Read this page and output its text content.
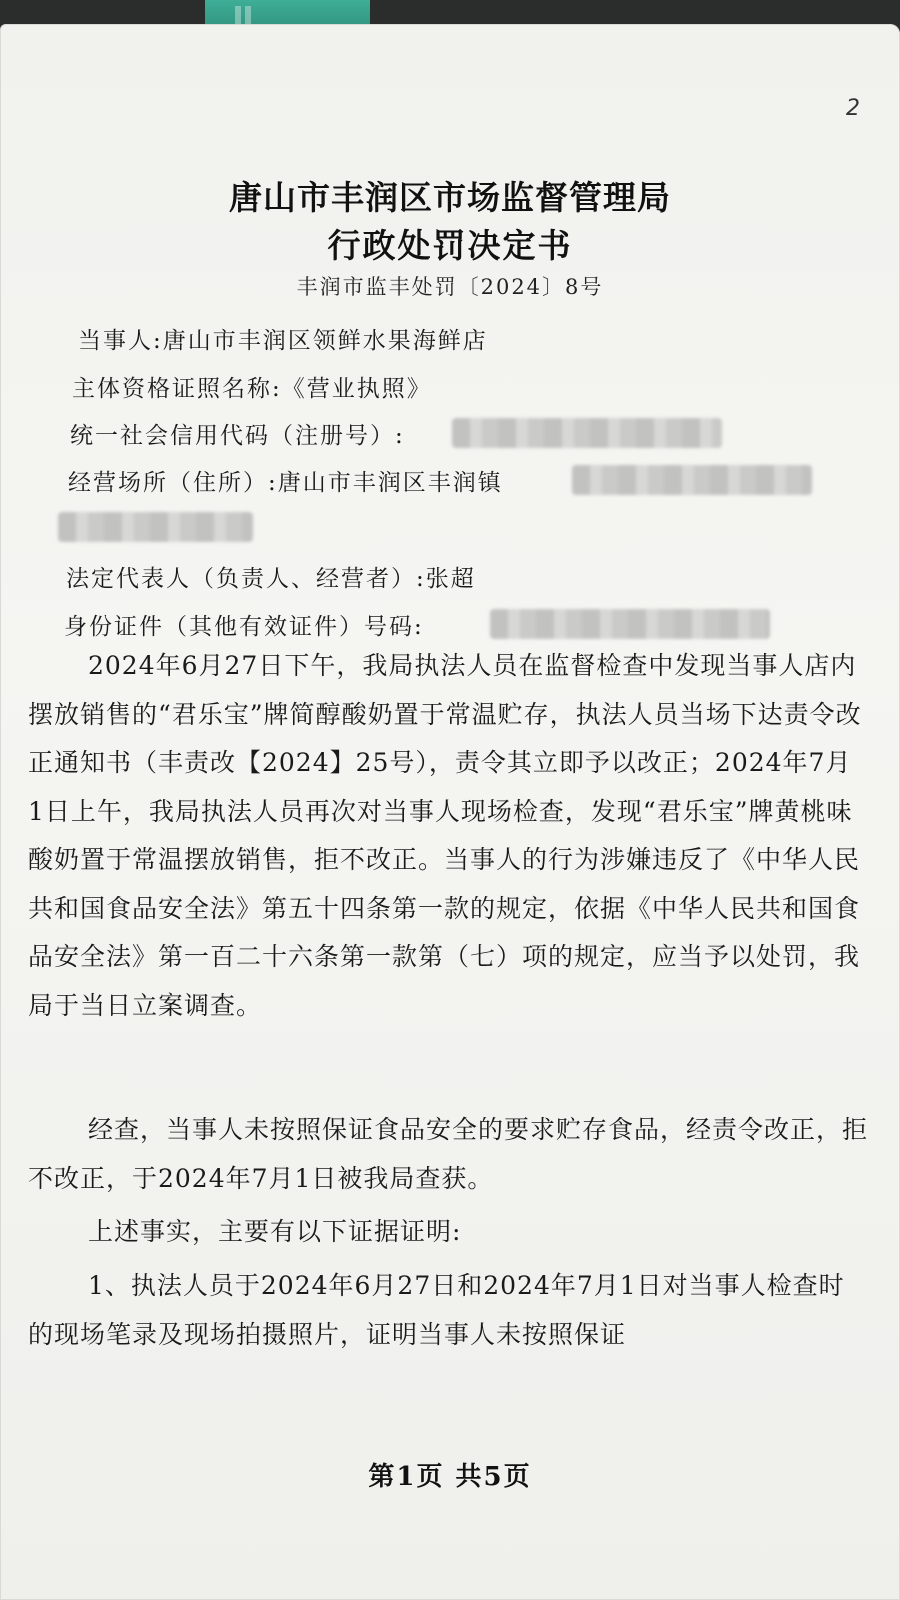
2
唐山市丰润区市场监督管理局
行政处罚决定书
丰润市监丰处罚〔2024〕8号
当事人:唐山市丰润区领鲜水果海鲜店
主体资格证照名称:《营业执照》
统一社会信用代码（注册号）:
经营场所（住所）:唐山市丰润区丰润镇
法定代表人（负责人、经营者）:张超
身份证件（其他有效证件）号码:
2024年6月27日下午，我局执法人员在监督检查中发现当事人店内摆放销售的“君乐宝”牌简醇酸奶置于常温贮存，执法人员当场下达责令改正通知书（丰责改【2024】25号），责令其立即予以改正；2024年7月1日上午，我局执法人员再次对当事人现场检查，发现“君乐宝”牌黄桃味酸奶置于常温摆放销售，拒不改正。当事人的行为涉嫌违反了《中华人民共和国食品安全法》第五十四条第一款的规定，依据《中华人民共和国食品安全法》第一百二十六条第一款第（七）项的规定，应当予以处罚，我局于当日立案调查。
经查，当事人未按照保证食品安全的要求贮存食品，经责令改正，拒不改正，于2024年7月1日被我局查获。
上述事实，主要有以下证据证明:
1、执法人员于2024年6月27日和2024年7月1日对当事人检查时的现场笔录及现场拍摄照片，证明当事人未按照保证
第1页 共5页
